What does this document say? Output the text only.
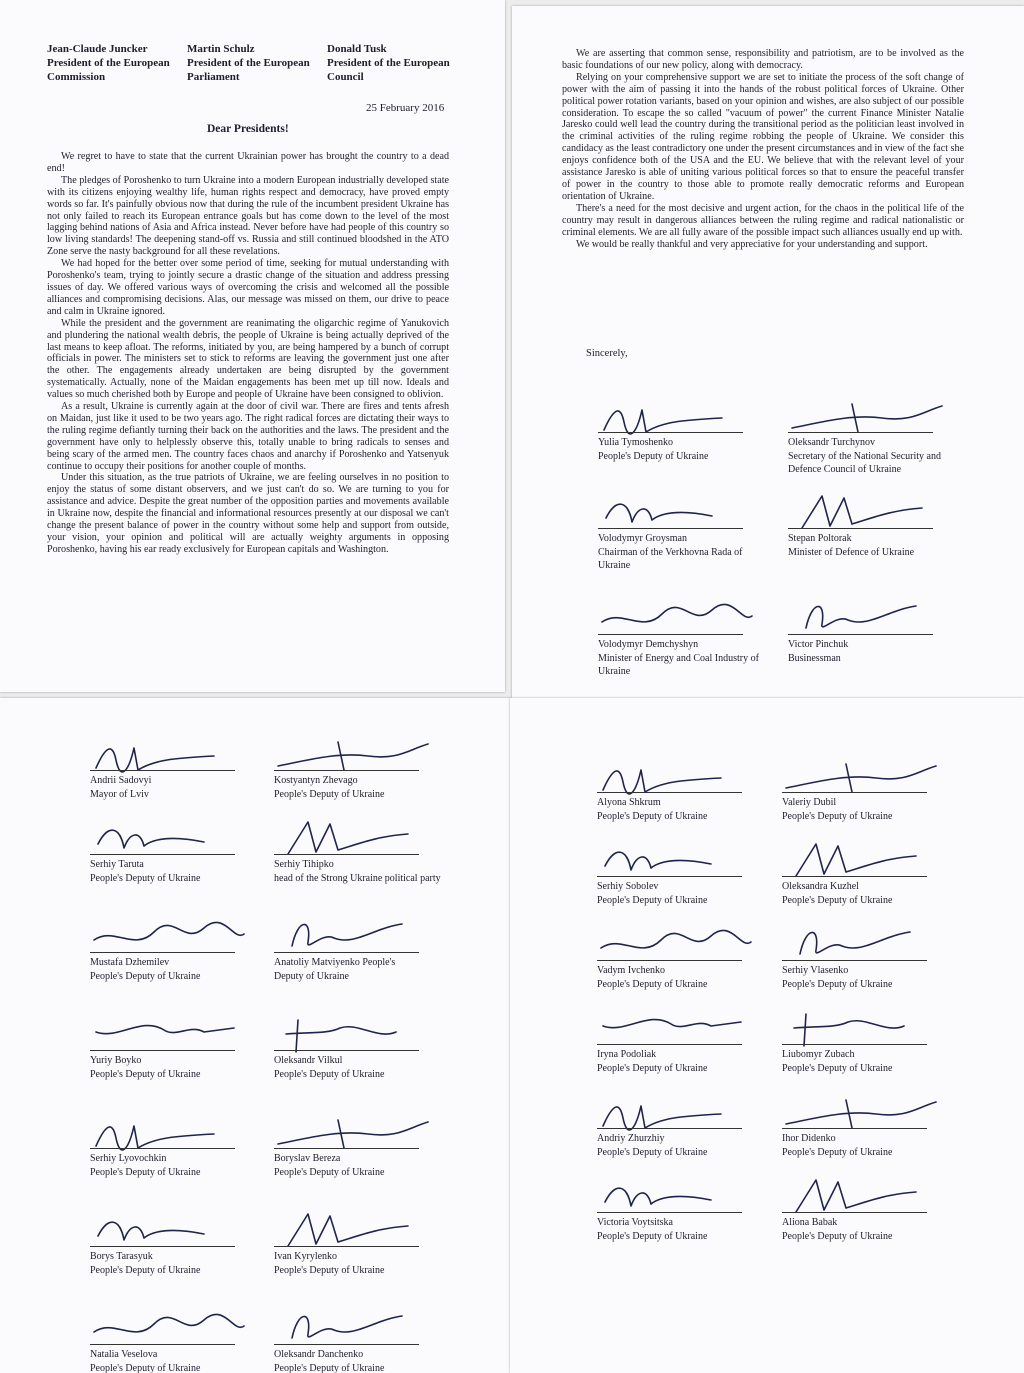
Jean-Claude Juncker
President of the European Commission
Martin Schulz
President of the European Parliament
Donald Tusk
President of the European Council
25 February 2016
Dear Presidents!

We regret to have to state that the current Ukrainian power has brought the country to a dead end!

The pledges of Poroshenko to turn Ukraine into a modern European industrially developed state with its citizens enjoying wealthy life, human rights respect and democracy, have proved empty words so far. It's painfully obvious now that during the rule of the incumbent president Ukraine has not only failed to reach its European entrance goals but has come down to the level of the most lagging behind nations of Asia and Africa instead. Never before have had people of this country so low living standards! The deepening stand-off vs. Russia and still continued bloodshed in the ATO Zone serve the nasty background for all these revelations.

We had hoped for the better over some period of time, seeking for mutual understanding with Poroshenko's team, trying to jointly secure a drastic change of the situation and address pressing issues of day. We offered various ways of overcoming the crisis and welcomed all the possible alliances and compromising decisions. Alas, our message was missed on them, our drive to peace and calm in Ukraine ignored.

While the president and the government are reanimating the oligarchic regime of Yanukovich and plundering the national wealth debris, the people of Ukraine is being actually deprived of the last means to keep afloat. The reforms, initiated by you, are being hampered by a bunch of corrupt officials in power. The ministers set to stick to reforms are leaving the government just one after the other. The engagements already undertaken are being disrupted by the government systematically. Actually, none of the Maidan engagements has been met up till now. Ideals and values so much cherished both by Europe and people of Ukraine have been consigned to oblivion.

As a result, Ukraine is currently again at the door of civil war. There are fires and tents afresh on Maidan, just like it used to be two years ago. The right radical forces are dictating their ways to the ruling regime defiantly turning their back on the authorities and the laws. The president and the government have only to helplessly observe this, totally unable to bring radicals to senses and being scary of the armed men. The country faces chaos and anarchy if Poroshenko and Yatsenyuk continue to occupy their positions for another couple of months.

Under this situation, as the true patriots of Ukraine, we are feeling ourselves in no position to enjoy the status of some distant observers, and we just can't do so. We are turning to you for assistance and advice. Despite the great number of the opposition parties and movements available in Ukraine now, despite the financial and informational resources presently at our disposal we can't change the present balance of power in the country without some help and support from outside, your vision, your opinion and political will are actually weighty arguments in opposing Poroshenko, having his ear ready exclusively for European capitals and Washington.

We are asserting that common sense, responsibility and patriotism, are to be involved as the basic foundations of our new policy, along with democracy.

Relying on your comprehensive support we are set to initiate the process of the soft change of power with the aim of passing it into the hands of the robust political forces of Ukraine. Other political power rotation variants, based on your opinion and wishes, are also subject of our possible consideration. To escape the so called "vacuum of power" the current Finance Minister Natalie Jaresko could well lead the country during the transitional period as the politician least involved in the criminal activities of the ruling regime robbing the people of Ukraine. We consider this candidacy as the least contradictory one under the present circumstances and in view of the fact she enjoys confidence both of the USA and the EU. We believe that with the relevant level of your assistance Jaresko is able of uniting various political forces so that to ensure the peaceful transfer of power in the country to those able to promote really democratic reforms and European orientation of Ukraine.

There's a need for the most decisive and urgent action, for the chaos in the political life of the country may result in dangerous alliances between the ruling regime and radical nationalistic or criminal elements. We are all fully aware of the possible impact such alliances usually end up with.

We would be really thankful and very appreciative for your understanding and support.

Sincerely,
Yulia Tymoshenko
People's Deputy of Ukraine
Oleksandr Turchynov
Secretary of the National Security and Defence Council of Ukraine
Volodymyr Groysman
Chairman of the Verkhovna Rada of Ukraine
Stepan Poltorak
Minister of Defence of Ukraine
Volodymyr Demchyshyn
Minister of Energy and Coal Industry of Ukraine
Victor Pinchuk
Businessman
Andrii Sadovyi
Mayor of Lviv
Kostyantyn Zhevago
People's Deputy of Ukraine
Serhiy Taruta
People's Deputy of Ukraine
Serhiy Tihipko
head of the Strong Ukraine political party
Mustafa Dzhemilev
People's Deputy of Ukraine
Anatoliy Matviyenko People's
Deputy of Ukraine
Yuriy Boyko
People's Deputy of Ukraine
Oleksandr Vilkul
People's Deputy of Ukraine
Serhiy Lyovochkin
People's Deputy of Ukraine
Boryslav Bereza
People's Deputy of Ukraine
Borys Tarasyuk
People's Deputy of Ukraine
Ivan Kyrylenko
People's Deputy of Ukraine
Natalia Veselova
People's Deputy of Ukraine
Oleksandr Danchenko
People's Deputy of Ukraine
Alyona Shkrum
People's Deputy of Ukraine
Valeriy Dubil
People's Deputy of Ukraine
Serhiy Sobolev
People's Deputy of Ukraine
Oleksandra Kuzhel
People's Deputy of Ukraine
Vadym Ivchenko
People's Deputy of Ukraine
Serhiy Vlasenko
People's Deputy of Ukraine
Iryna Podoliak
People's Deputy of Ukraine
Liubomyr Zubach
People's Deputy of Ukraine
Andriy Zhurzhiy
People's Deputy of Ukraine
Ihor Didenko
People's Deputy of Ukraine
Victoria Voytsitska
People's Deputy of Ukraine
Aliona Babak
People's Deputy of Ukraine
